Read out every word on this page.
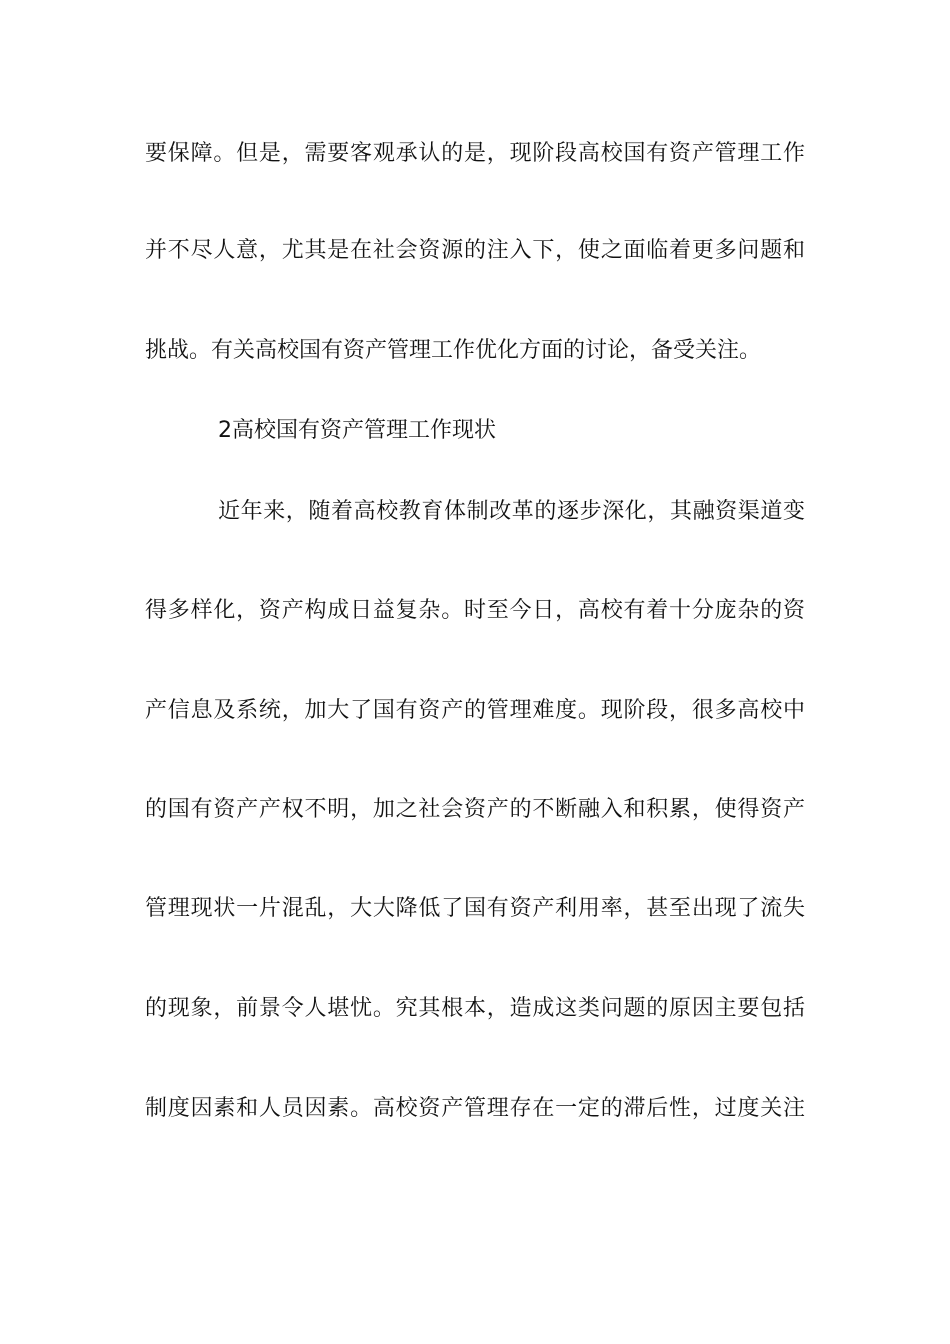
要保障。但是，需要客观承认的是，现阶段高校国有资产管理工作
并不尽人意，尤其是在社会资源的注入下，使之面临着更多问题和
挑战。有关高校国有资产管理工作优化方面的讨论，备受关注。
2高校国有资产管理工作现状
近年来，随着高校教育体制改革的逐步深化，其融资渠道变
得多样化，资产构成日益复杂。时至今日，高校有着十分庞杂的资
产信息及系统，加大了国有资产的管理难度。现阶段，很多高校中
的国有资产产权不明，加之社会资产的不断融入和积累，使得资产
管理现状一片混乱，大大降低了国有资产利用率，甚至出现了流失
的现象，前景令人堪忧。究其根本，造成这类问题的原因主要包括
制度因素和人员因素。高校资产管理存在一定的滞后性，过度关注
